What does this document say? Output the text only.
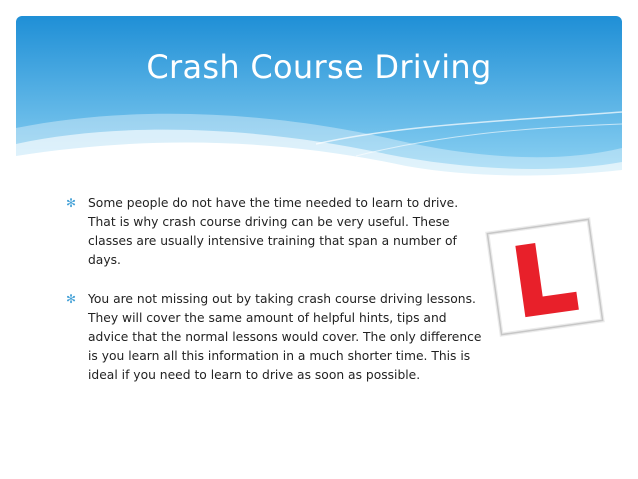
Crash Course Driving
✻ Some people do not have the time needed to learn to drive. That is why crash course driving can be very useful. These classes are usually intensive training that span a number of days.
✻ You are not missing out by taking crash course driving lessons. They will cover the same amount of helpful hints, tips and advice that the normal lessons would cover. The only difference is you learn all this information in a much shorter time. This is ideal if you need to learn to drive as soon as possible.
